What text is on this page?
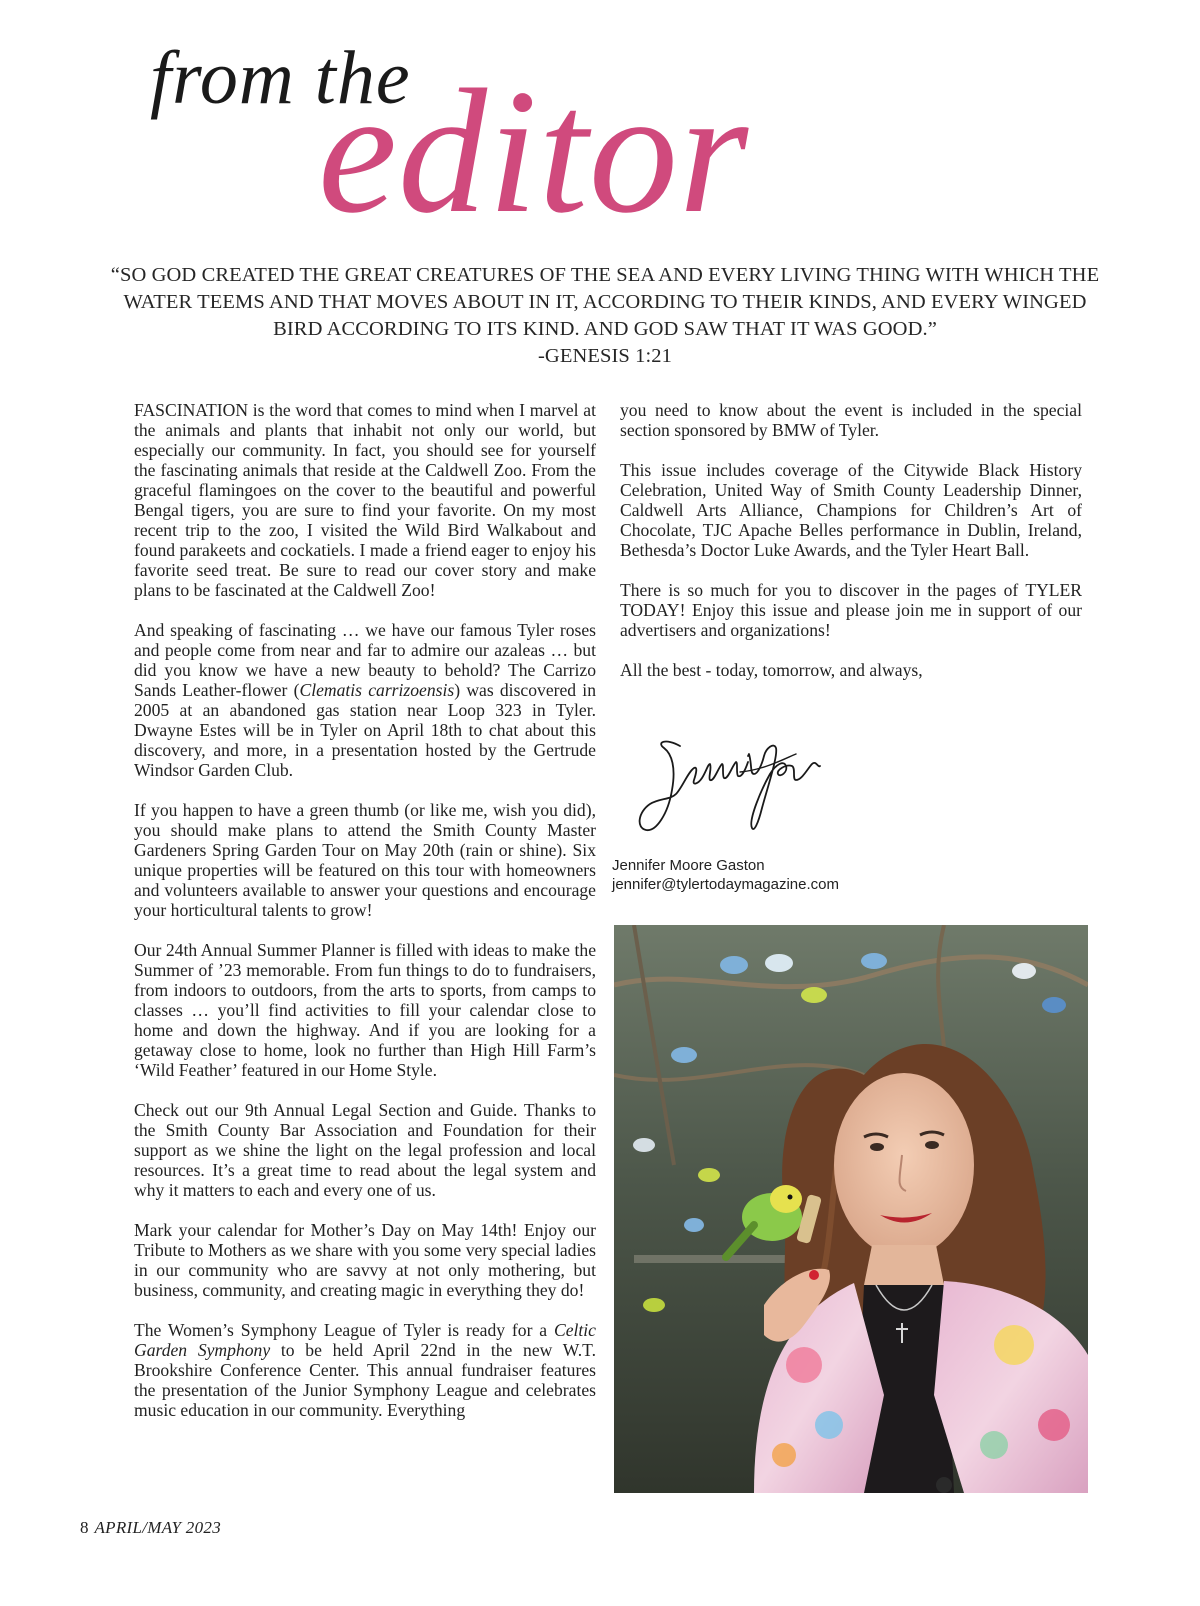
from the
editor
“SO GOD CREATED THE GREAT CREATURES OF THE SEA AND EVERY LIVING THING WITH WHICH THE WATER TEEMS AND THAT MOVES ABOUT IN IT, ACCORDING TO THEIR KINDS, AND EVERY WINGED BIRD ACCORDING TO ITS KIND. AND GOD SAW THAT IT WAS GOOD.”
-GENESIS 1:21

FASCINATION is the word that comes to mind when I marvel at the animals and plants that inhabit not only our world, but especially our community. In fact, you should see for yourself the fascinating animals that reside at the Caldwell Zoo. From the graceful flamingoes on the cover to the beautiful and powerful Bengal tigers, you are sure to find your favorite. On my most recent trip to the zoo, I visited the Wild Bird Walkabout and found parakeets and cockatiels. I made a friend eager to enjoy his favorite seed treat. Be sure to read our cover story and make plans to be fascinated at the Caldwell Zoo!

And speaking of fascinating … we have our famous Tyler roses and people come from near and far to admire our azaleas … but did you know we have a new beauty to behold? The Carrizo Sands Leather-flower (Clematis carrizoensis) was discovered in 2005 at an abandoned gas station near Loop 323 in Tyler. Dwayne Estes will be in Tyler on April 18th to chat about this discovery, and more, in a presentation hosted by the Gertrude Windsor Garden Club.

If you happen to have a green thumb (or like me, wish you did), you should make plans to attend the Smith County Master Gardeners Spring Garden Tour on May 20th (rain or shine). Six unique properties will be featured on this tour with homeowners and volunteers available to answer your questions and encourage your horticultural talents to grow!

Our 24th Annual Summer Planner is filled with ideas to make the Summer of ’23 memorable. From fun things to do to fundraisers, from indoors to outdoors, from the arts to sports, from camps to classes … you’ll find activities to fill your calendar close to home and down the highway. And if you are looking for a getaway close to home, look no further than High Hill Farm’s ‘Wild Feather’ featured in our Home Style.

Check out our 9th Annual Legal Section and Guide. Thanks to the Smith County Bar Association and Foundation for their support as we shine the light on the legal profession and local resources. It’s a great time to read about the legal system and why it matters to each and every one of us.

Mark your calendar for Mother’s Day on May 14th! Enjoy our Tribute to Mothers as we share with you some very special ladies in our community who are savvy at not only mothering, but business, community, and creating magic in everything they do!

The Women’s Symphony League of Tyler is ready for a Celtic Garden Symphony to be held April 22nd in the new W.T. Brookshire Conference Center. This annual fundraiser features the presentation of the Junior Symphony League and celebrates music education in our community. Everything

you need to know about the event is included in the special section sponsored by BMW of Tyler.

This issue includes coverage of the Citywide Black History Celebration, United Way of Smith County Leadership Dinner, Caldwell Arts Alliance, Champions for Children’s Art of Chocolate, TJC Apache Belles performance in Dublin, Ireland, Bethesda’s Doctor Luke Awards, and the Tyler Heart Ball.

There is so much for you to discover in the pages of TYLER TODAY! Enjoy this issue and please join me in support of our advertisers and organizations!

All the best - today, tomorrow, and always,

Jennifer Moore Gaston
jennifer@tylertodaymagazine.com
8 APRIL/MAY 2023
